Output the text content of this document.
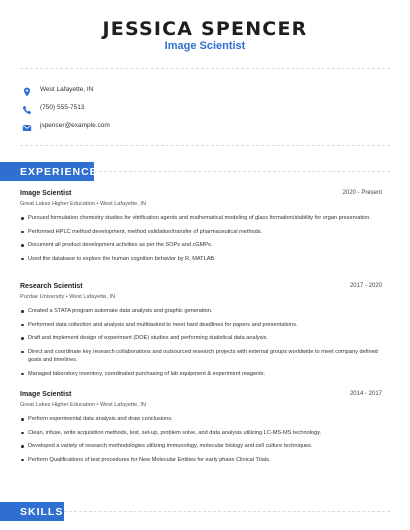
JESSICA SPENCER
Image Scientist
West Lafayette, IN
(750) 555-7513
jspencer@example.com
EXPERIENCE
Image Scientist	2020 - Present
Great Lakes Higher Education • West Lafayette, IN
Pursued formulation chemistry studies for vitrification agents and mathematical modeling of glass formation/stability for organ preservation.
Performed HPLC method development, method validation/transfer of pharmaceutical methods.
Document all product development activities as per the SOPs and cGMPs.
Used the database to explore the human cognition behavior by R, MATLAB.
Research Scientist	2017 - 2020
Purdue University • West Lafayette, IN
Created a STATA program automate data analysis and graphic generation.
Performed data collection and analysis and multitasked to meet hard deadlines for papers and presentations.
Draft and implement design of experiment (DOE) studies and performing statistical data analysis.
Direct and coordinate key research collaborations and outsourced research projects with external groups worldwide to meet company defined goals and timelines.
Managed laboratory inventory, coordinated purchasing of lab equipment & experiment reagents.
Image Scientist	2014 - 2017
Great Lakes Higher Education • West Lafayette, IN
Perform experimental data analysis and draw conclusions.
Clean, infuse, write acquisition methods, test, set-up, problem solve, and data analysis utilizing LC-MS-MS technology.
Developed a variety of research methodologies utilizing immunology, molecular biology and cell culture techniques.
Perform Qualifications of test procedures for New Molecular Entities for early phase Clinical Trials.
SKILLS
